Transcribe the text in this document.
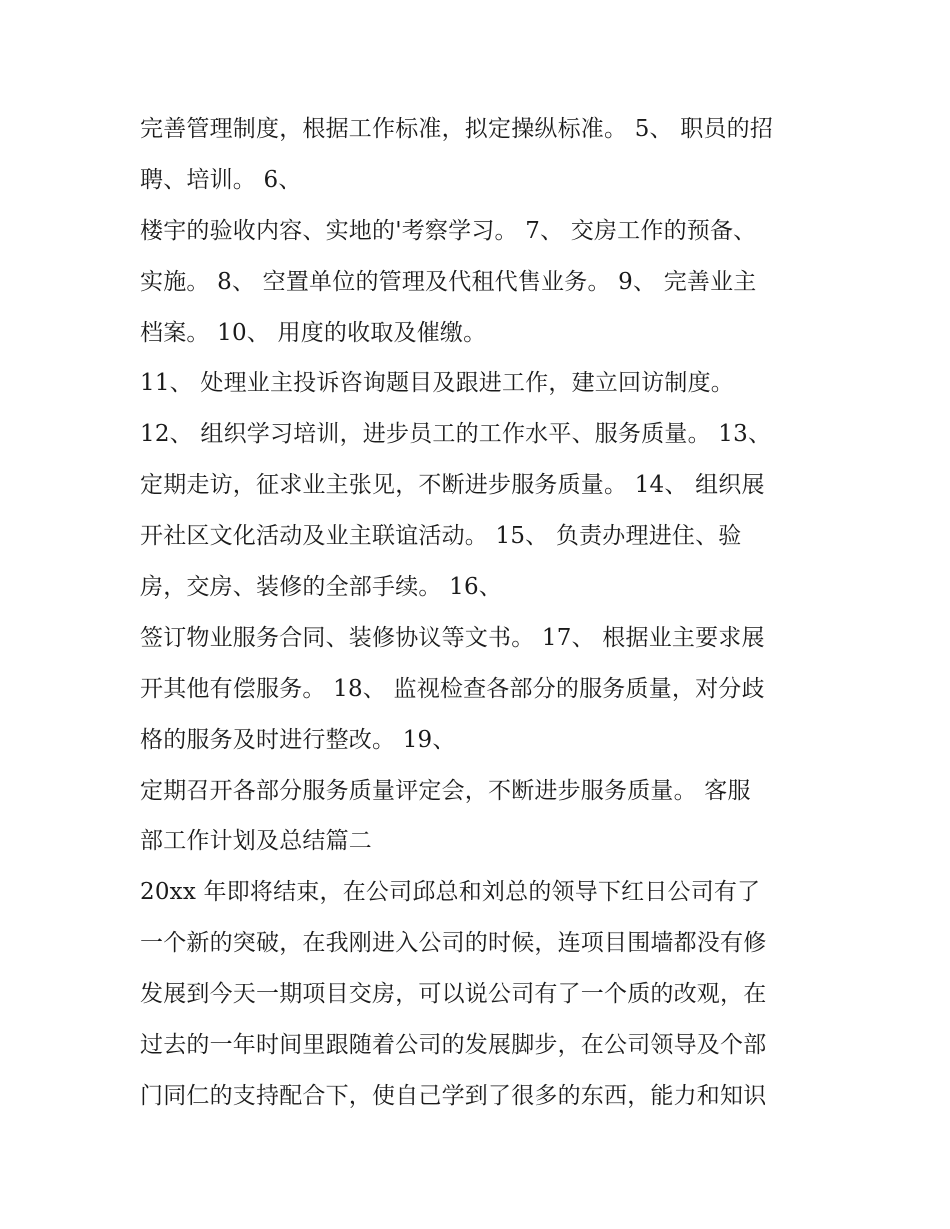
完善管理制度，根据工作标准，拟定操纵标准。 5、 职员的招
聘、培训。 6、
楼宇的验收内容、实地的'考察学习。 7、 交房工作的预备、
实施。 8、 空置单位的管理及代租代售业务。 9、 完善业主
档案。 10、 用度的收取及催缴。
11、 处理业主投诉咨询题目及跟进工作，建立回访制度。
12、 组织学习培训，进步员工的工作水平、服务质量。 13、
定期走访，征求业主张见，不断进步服务质量。 14、 组织展
开社区文化活动及业主联谊活动。 15、 负责办理进住、验
房，交房、装修的全部手续。 16、
签订物业服务合同、装修协议等文书。 17、 根据业主要求展
开其他有偿服务。 18、 监视检查各部分的服务质量，对分歧
格的服务及时进行整改。 19、
定期召开各部分服务质量评定会，不断进步服务质量。 客服
部工作计划及总结篇二
20xx 年即将结束，在公司邱总和刘总的领导下红日公司有了
一个新的突破，在我刚进入公司的时候，连项目围墙都没有修
发展到今天一期项目交房，可以说公司有了一个质的改观，在
过去的一年时间里跟随着公司的发展脚步，在公司领导及个部
门同仁的支持配合下，使自己学到了很多的东西，能力和知识
